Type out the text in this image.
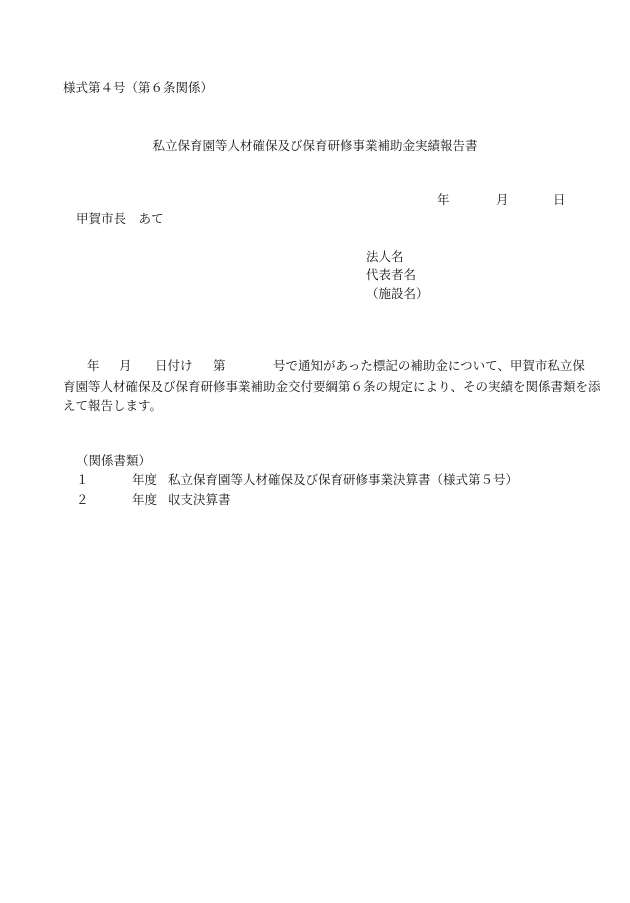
様式第４号（第６条関係）
私立保育園等人材確保及び保育研修事業補助金実績報告書
年	月	日
甲賀市長　あて
法人名
代表者名
（施設名）
年 月 日付け 第	号で通知があった標記の補助金について、甲賀市私立保
育園等人材確保及び保育研修事業補助金交付要綱第６条の規定により、その実績を関係書類を添
えて報告します。
（関係書類）
１	年度 私立保育園等人材確保及び保育研修事業決算書（様式第５号）
２	年度 収支決算書
